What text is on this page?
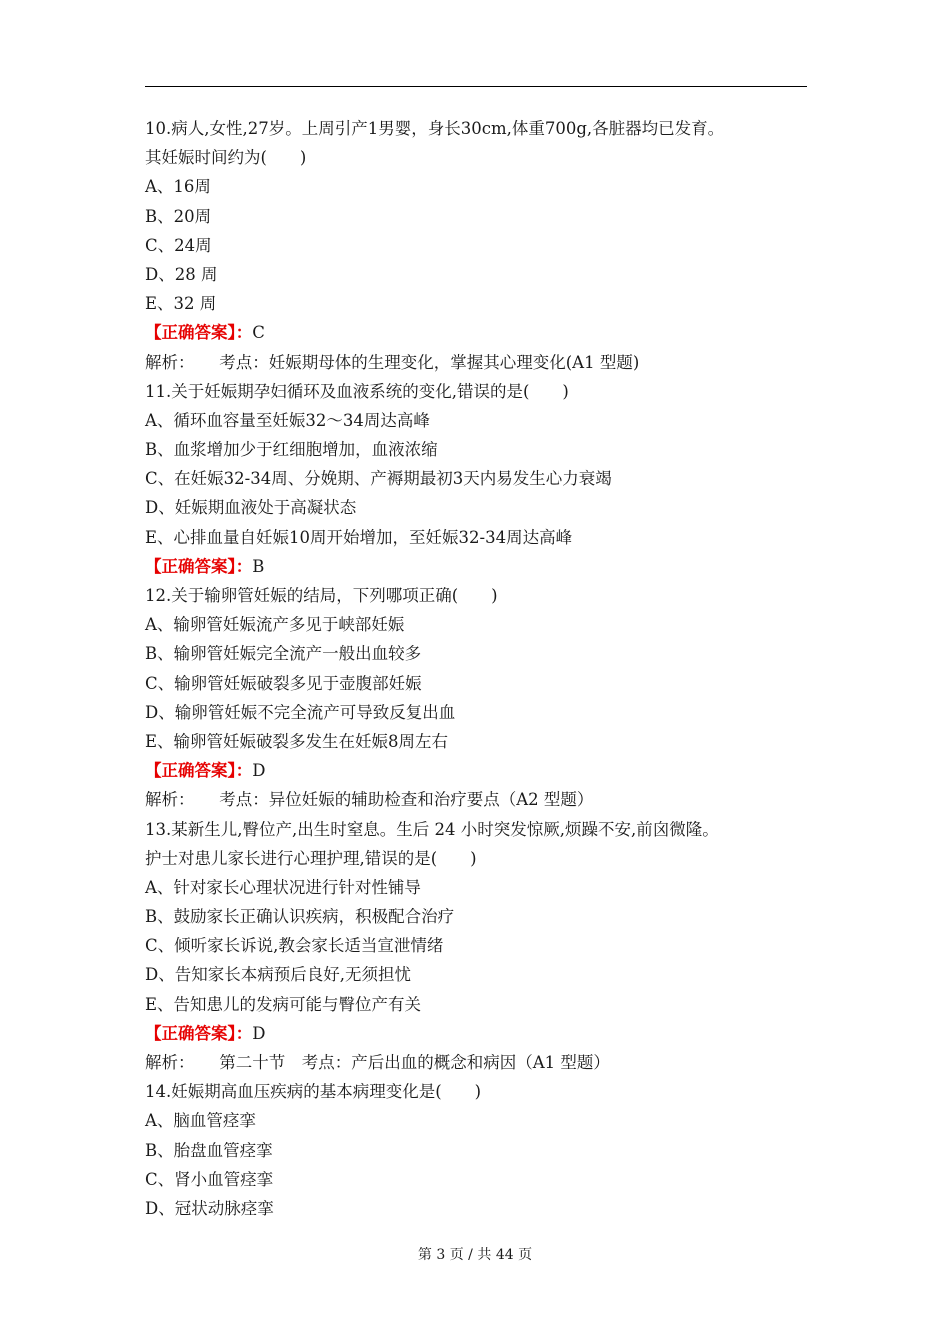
10.病人,女性,27岁。上周引产1男婴，身长30cm,体重700g,各脏器均已发育。
其妊娠时间约为(　　)
A、16周
B、20周
C、24周
D、28 周
E、32 周
【正确答案】：C
解析：　　考点：妊娠期母体的生理变化，掌握其心理变化(A1 型题)
11.关于妊娠期孕妇循环及血液系统的变化,错误的是(　　)
A、循环血容量至妊娠32～34周达高峰
B、血浆增加少于红细胞增加，血液浓缩
C、在妊娠32-34周、分娩期、产褥期最初3天内易发生心力衰竭
D、妊娠期血液处于高凝状态
E、心排血量自妊娠10周开始增加，至妊娠32-34周达高峰
【正确答案】：B
12.关于输卵管妊娠的结局，下列哪项正确(　　)
A、输卵管妊娠流产多见于峡部妊娠
B、输卵管妊娠完全流产一般出血较多
C、输卵管妊娠破裂多见于壶腹部妊娠
D、输卵管妊娠不完全流产可导致反复出血
E、输卵管妊娠破裂多发生在妊娠8周左右
【正确答案】：D
解析：　　考点：异位妊娠的辅助检查和治疗要点（A2 型题）
13.某新生儿,臀位产,出生时窒息。生后 24 小时突发惊厥,烦躁不安,前囟微隆。
护士对患儿家长进行心理护理,错误的是(　　)
A、针对家长心理状况进行针对性铺导
B、鼓励家长正确认识疾病，积极配合治疗
C、倾听家长诉说,教会家长适当宣泄情绪
D、告知家长本病预后良好,无须担忧
E、告知患儿的发病可能与臀位产有关
【正确答案】：D
解析：　　第二十节　考点：产后出血的概念和病因（A1 型题）
14.妊娠期高血压疾病的基本病理变化是(　　)
A、脑血管痉挛
B、胎盘血管痉挛
C、肾小血管痉挛
D、冠状动脉痉挛
第 3 页 / 共 44 页
